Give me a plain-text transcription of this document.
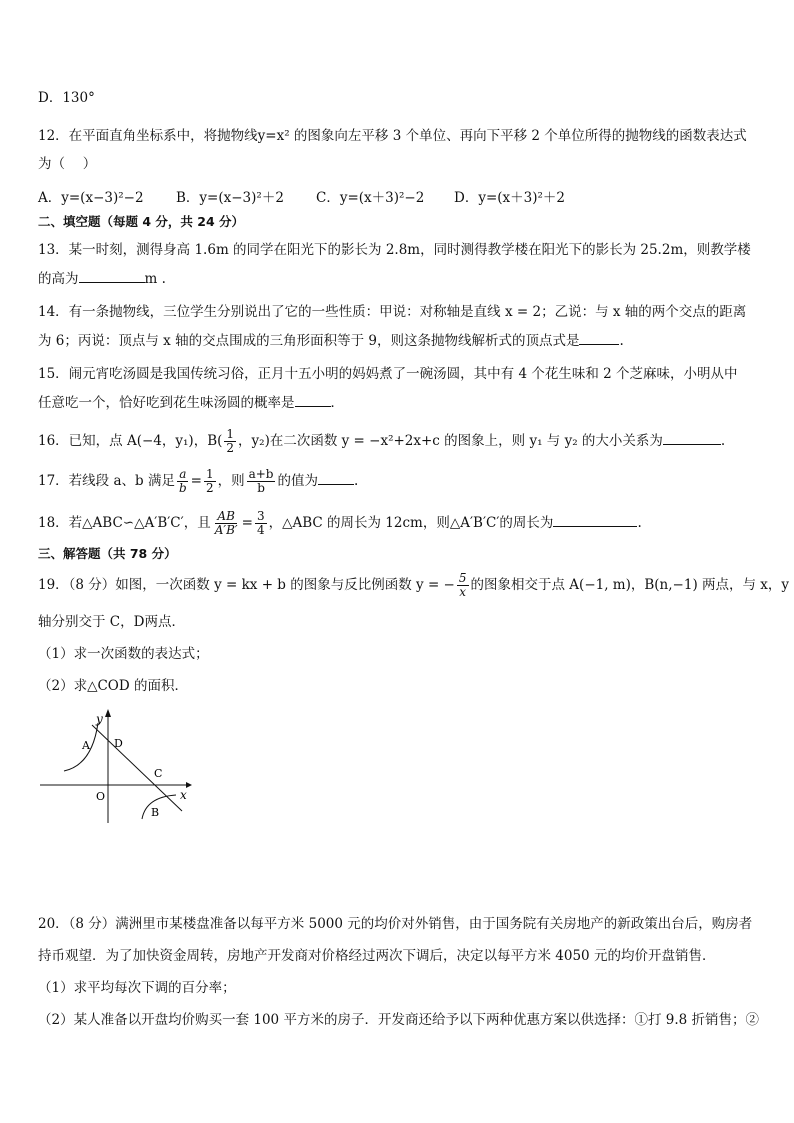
D．130°
12．在平面直角坐标系中，将抛物线y=x² 的图象向左平移 3 个单位、再向下平移 2 个单位所得的抛物线的函数表达式
为（　 ）
A．y=(x−3)²−2 B．y=(x−3)²＋2 C．y=(x＋3)²−2 D．y=(x＋3)²＋2
二、填空题（每题 4 分，共 24 分）
13．某一时刻，测得身高 1.6m 的同学在阳光下的影长为 2.8m，同时测得教学楼在阳光下的影长为 25.2m，则教学楼
的高为	m .
14．有一条抛物线，三位学生分别说出了它的一些性质：甲说：对称轴是直线 x = 2；乙说：与 x 轴的两个交点的距离
为 6；丙说：顶点与 x 轴的交点围成的三角形面积等于 9，则这条抛物线解析式的顶点式是	.
15．闹元宵吃汤圆是我国传统习俗，正月十五小明的妈妈煮了一碗汤圆，其中有 4 个花生味和 2 个芝麻味，小明从中
任意吃一个，恰好吃到花生味汤圆的概率是	．
16．已知，点 A(−4，y₁)，$B( \frac{1}{2}$ ，y₂)在二次函数 y = −x²+2x+c 的图象上，则 y₁ 与 y₂ 的大小关系为	.
17．若线段 a、b 满足 $\frac{a}{b} = \frac{1}{2}$ ，则 $\frac{a+b}{b}$ 的值为	.
18．若△ABC∽△A′B′C′，且 $\frac{AB}{A'B'} = \frac{3}{4}$ ，△ABC 的周长为 12cm，则△A′B′C′的周长为	.
三、解答题（共 78 分）
19．（8 分）如图，一次函数 y = kx + b 的图象与反比例函数 y = − $\frac{5}{x}$ 的图象相交于点 A(−1, m)，B(n,−1) 两点，与 x，y
轴分别交于 C，D两点．
（1）求一次函数的表达式；
（2）求△COD 的面积．
y
x
A D
C
O
B
20．（8 分）满洲里市某楼盘准备以每平方米 5000 元的均价对外销售，由于国务院有关房地产的新政策出台后，购房者
持币观望．为了加快资金周转，房地产开发商对价格经过两次下调后，决定以每平方米 4050 元的均价开盘销售．
（1）求平均每次下调的百分率；
（2）某人准备以开盘均价购买一套 100 平方米的房子．开发商还给予以下两种优惠方案以供选择：①打 9.8 折销售；②
